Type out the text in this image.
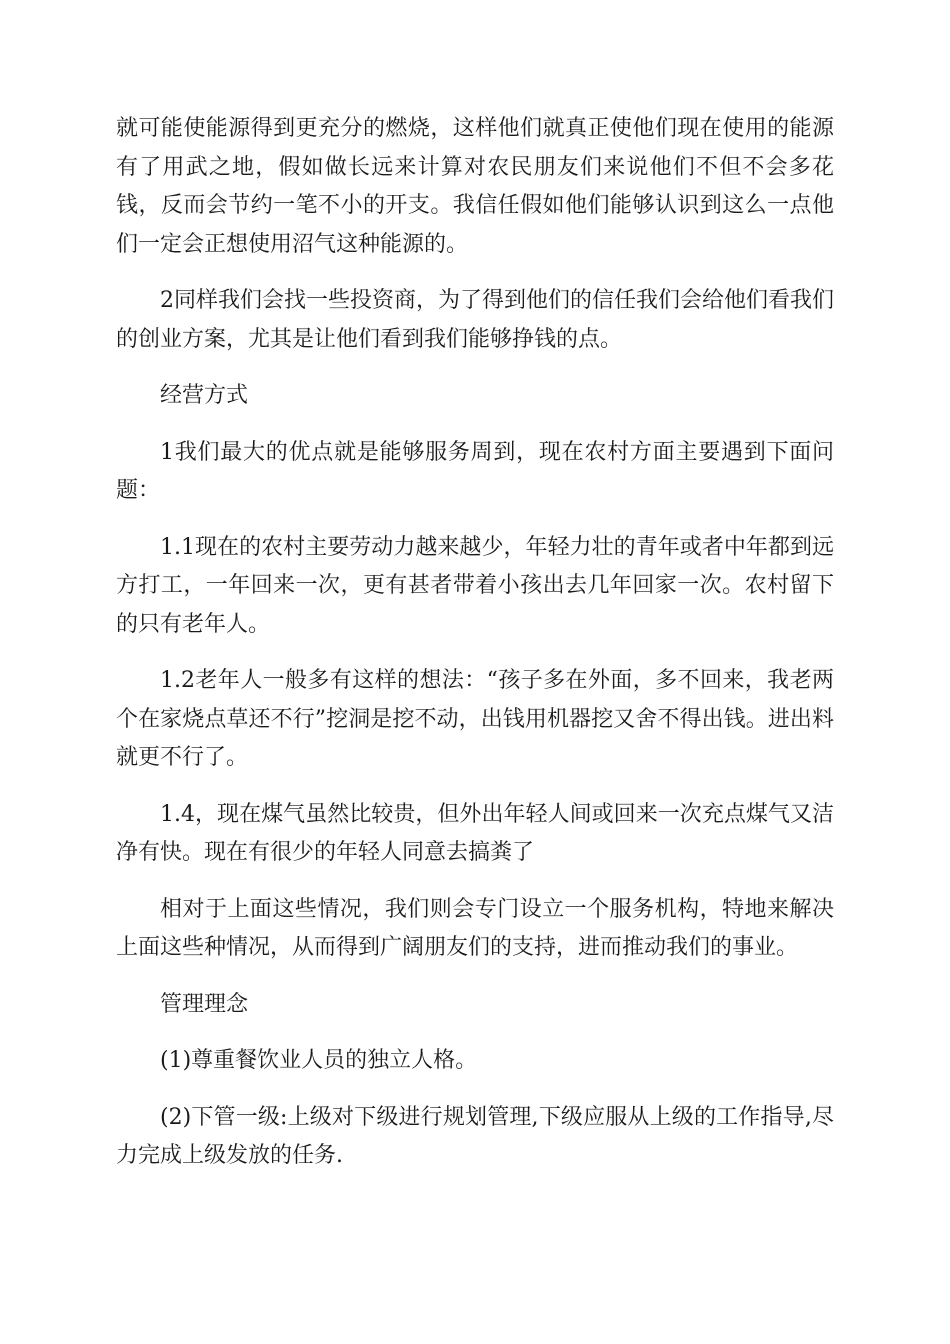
就可能使能源得到更充分的燃烧，这样他们就真正使他们现在使用的能源有了用武之地，假如做长远来计算对农民朋友们来说他们不但不会多花钱，反而会节约一笔不小的开支。我信任假如他们能够认识到这么一点他们一定会正想使用沼气这种能源的。

2同样我们会找一些投资商，为了得到他们的信任我们会给他们看我们的创业方案，尤其是让他们看到我们能够挣钱的点。

经营方式

1我们最大的优点就是能够服务周到，现在农村方面主要遇到下面问题：

1.1现在的农村主要劳动力越来越少，年轻力壮的青年或者中年都到远方打工，一年回来一次，更有甚者带着小孩出去几年回家一次。农村留下的只有老年人。

1.2老年人一般多有这样的想法：“孩子多在外面，多不回来，我老两个在家烧点草还不行”挖洞是挖不动，出钱用机器挖又舍不得出钱。进出料就更不行了。

1.4，现在煤气虽然比较贵，但外出年轻人间或回来一次充点煤气又洁净有快。现在有很少的年轻人同意去搞粪了

相对于上面这些情况，我们则会专门设立一个服务机构，特地来解决上面这些种情况，从而得到广阔朋友们的支持，进而推动我们的事业。

管理理念

(1)尊重餐饮业人员的独立人格。

(2)下管一级:上级对下级进行规划管理,下级应服从上级的工作指导,尽力完成上级发放的任务.
